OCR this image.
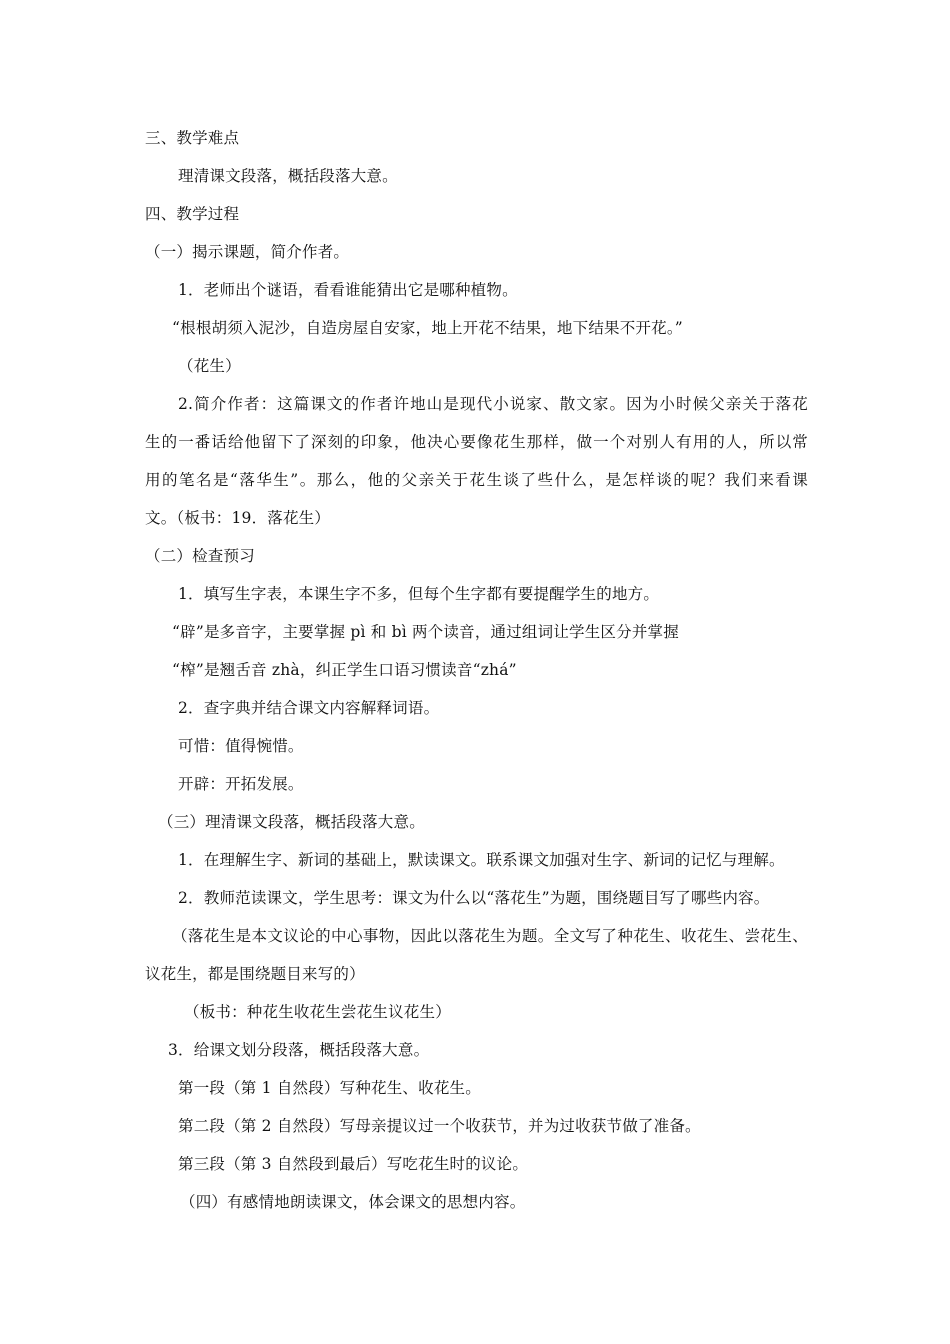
三、教学难点
理清课文段落，概括段落大意。
四、教学过程
（一）揭示课题，简介作者。
1．老师出个谜语，看看谁能猜出它是哪种植物。
“根根胡须入泥沙，自造房屋自安家，地上开花不结果，地下结果不开花。”
（花生）
2.简介作者：这篇课文的作者许地山是现代小说家、散文家。因为小时候父亲关于落花
生的一番话给他留下了深刻的印象，他决心要像花生那样，做一个对别人有用的人，所以常
用的笔名是“落华生”。那么，他的父亲关于花生谈了些什么，是怎样谈的呢？我们来看课
文。（板书：19．落花生）
（二）检查预习
1．填写生字表，本课生字不多，但每个生字都有要提醒学生的地方。
“辟”是多音字，主要掌握 pì 和 bì 两个读音，通过组词让学生区分并掌握
“榨”是翘舌音 zhà，纠正学生口语习惯读音“zhá”
2．查字典并结合课文内容解释词语。
可惜：值得惋惜。
开辟：开拓发展。
（三）理清课文段落，概括段落大意。
1．在理解生字、新词的基础上，默读课文。联系课文加强对生字、新词的记忆与理解。
2．教师范读课文，学生思考：课文为什么以“落花生”为题，围绕题目写了哪些内容。
（落花生是本文议论的中心事物，因此以落花生为题。全文写了种花生、收花生、尝花生、
议花生，都是围绕题目来写的）
（板书：种花生收花生尝花生议花生）
3．给课文划分段落，概括段落大意。
第一段（第 1 自然段）写种花生、收花生。
第二段（第 2 自然段）写母亲提议过一个收获节，并为过收获节做了准备。
第三段（第 3 自然段到最后）写吃花生时的议论。
（四）有感情地朗读课文，体会课文的思想内容。
